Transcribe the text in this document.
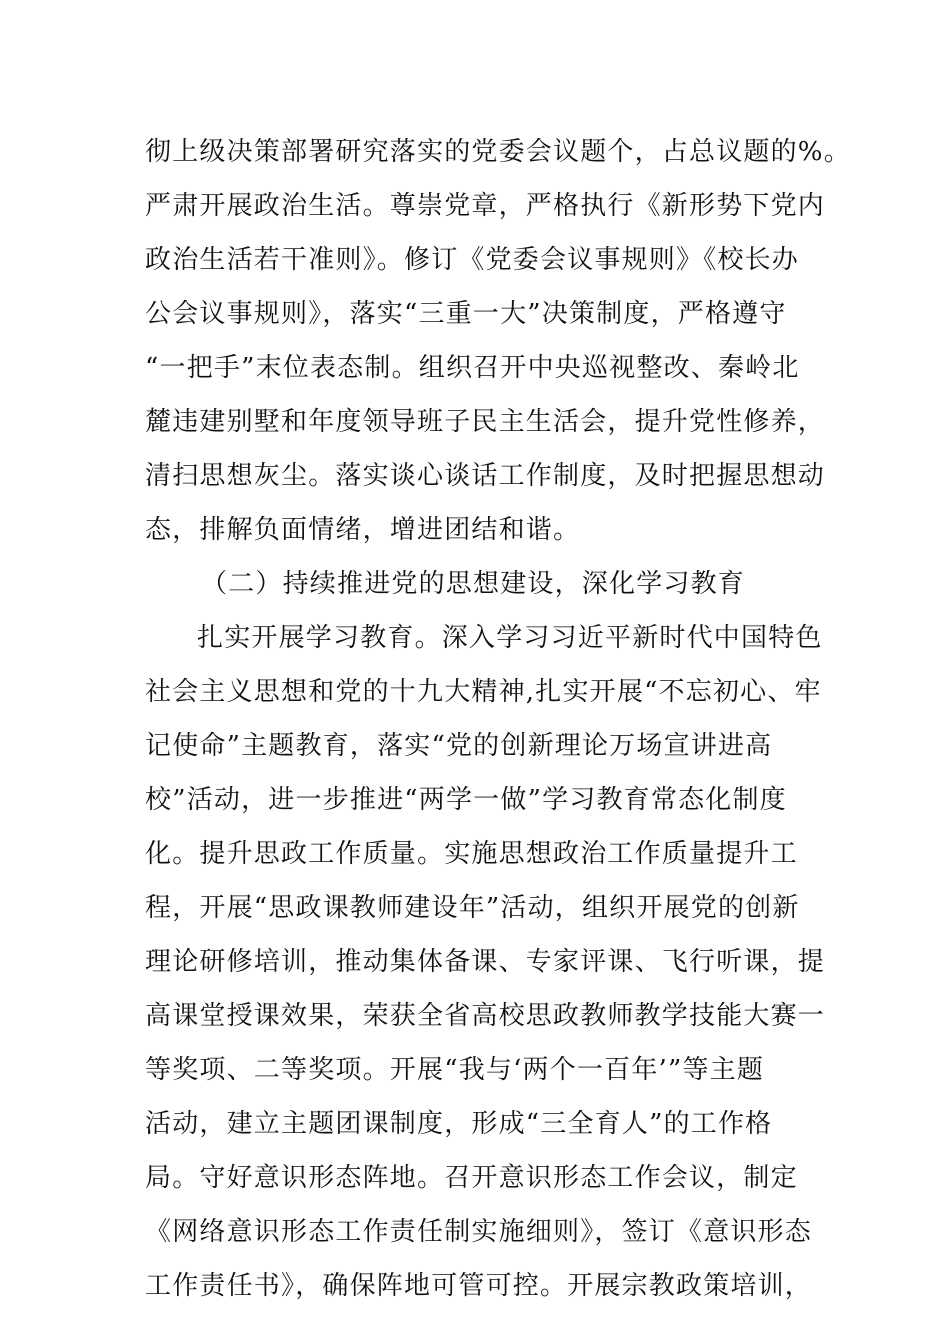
彻上级决策部署研究落实的党委会议题个，占总议题的%。
严肃开展政治生活。尊崇党章，严格执行《新形势下党内
政治生活若干准则》。修订《党委会议事规则》《校长办
公会议事规则》，落实“三重一大”决策制度，严格遵守
“一把手”末位表态制。组织召开中央巡视整改、秦岭北
麓违建别墅和年度领导班子民主生活会，提升党性修养，
清扫思想灰尘。落实谈心谈话工作制度，及时把握思想动
态，排解负面情绪，增进团结和谐。
（二）持续推进党的思想建设，深化学习教育
扎实开展学习教育。深入学习习近平新时代中国特色
社会主义思想和党的十九大精神,扎实开展“不忘初心、牢
记使命”主题教育，落实“党的创新理论万场宣讲进高
校”活动，进一步推进“两学一做”学习教育常态化制度
化。提升思政工作质量。实施思想政治工作质量提升工
程，开展“思政课教师建设年”活动，组织开展党的创新
理论研修培训，推动集体备课、专家评课、飞行听课，提
高课堂授课效果，荣获全省高校思政教师教学技能大赛一
等奖项、二等奖项。开展“我与‘两个一百年’”等主题
活动，建立主题团课制度，形成“三全育人”的工作格
局。守好意识形态阵地。召开意识形态工作会议，制定
《网络意识形态工作责任制实施细则》，签订《意识形态
工作责任书》，确保阵地可管可控。开展宗教政策培训，
